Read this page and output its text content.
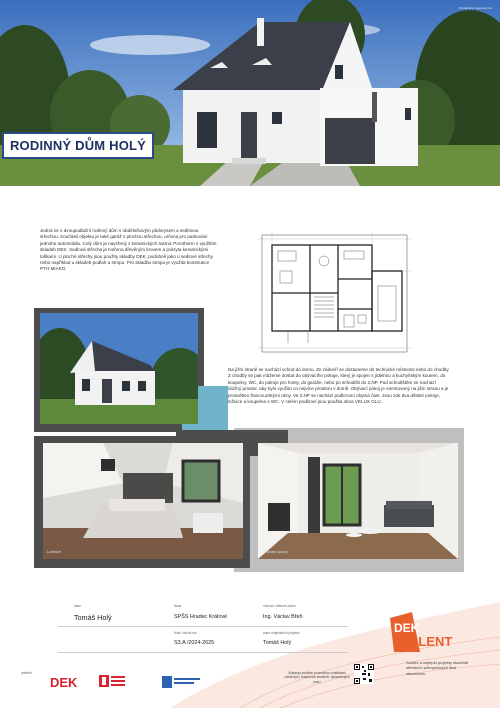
Vizualizace: Agentura nic
RODINNÝ DŮM HOLÝ
Jedná se o dvoupodlažní rodinný dům s obdélníkovým půdorysem a sedlovou střechou. Součástí objektu je také garáž s plochou střechou, určena pro parkování jednoho automobilu. Celý dům je navržený z keramických tvárnic Porotherm s využitím skladeb DEK. Sedlová střecha je tvořena dřevěným krovem a pokryta keramickými taškami. U ploché střechy jsou použity skladby DEK, podobně jako u sedlové střechy nebo například u skladeb podlah a stropu. Pro skladbu stropu je využita konstrukce PTH MIAKO.
Na jižní straně se nachází vchod do domu. Ze zádveří se dostaneme do technické místnosti nebo do chodby. Z chodby se pak můžeme dostat do obývacího pokoje, který je spojen s jídelnou a kuchyňským koutem, do koupelny, WC, do pokoje pro hosty, do garáže, nebo po schodišti do 2.NP. Pod schodištěm se nachází úložný prostor, aby bylo využito co nejvíce prostoru v domě. Obývací pokoj je orientovaný na jižní stranu a je prosvětlen francouzskými okny. Ve 2.NP se nachází podkrovní obytná část. Jsou zde dva dětské pokoje, ložnice a koupelna s WC. V celém podkroví jsou použita okna VELUX GLU.
Ložnice	Obývací pokoj
autor
Tomáš Holý
škola
SPŠS Hradec Králové
třída / školní rok
S3.A /2024-2025
vedoucí odborné práce
Ing. Václav Břeň
autor originálního projektu
Tomáš Holý
DEK
TALENT
Soutěž a nejlepší projekty studentů středních průmyslových škol stavebních
partneři
DEK
Výstavky soutěže a náročnou vzdělávání odborných, budoucích studentů, dokončených prací
